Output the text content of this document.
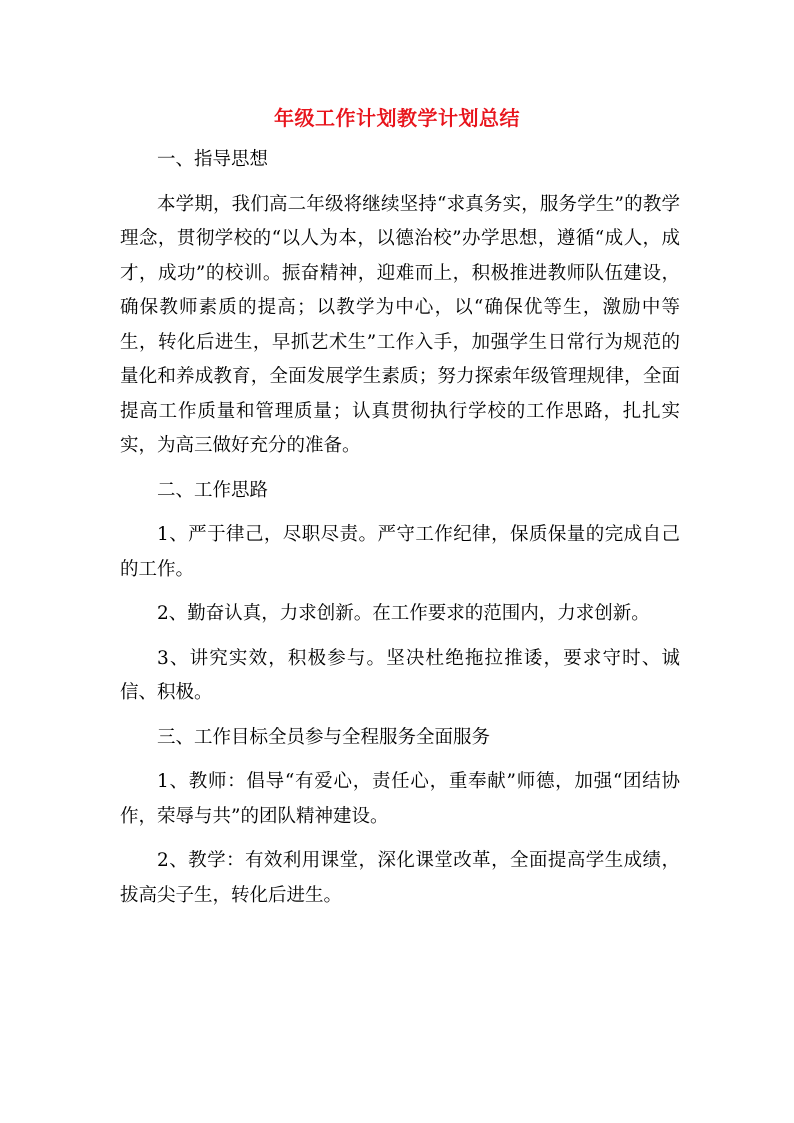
年级工作计划教学计划总结

一、指导思想

本学期，我们高二年级将继续坚持“求真务实，服务学生”的教学理念，贯彻学校的“以人为本，以德治校”办学思想，遵循“成人，成才，成功”的校训。振奋精神，迎难而上，积极推进教师队伍建设，确保教师素质的提高；以教学为中心，以“确保优等生，激励中等生，转化后进生，早抓艺术生”工作入手，加强学生日常行为规范的量化和养成教育，全面发展学生素质；努力探索年级管理规律，全面提高工作质量和管理质量；认真贯彻执行学校的工作思路，扎扎实实，为高三做好充分的准备。

二、工作思路

1、严于律己，尽职尽责。严守工作纪律，保质保量的完成自己的工作。

2、勤奋认真，力求创新。在工作要求的范围内，力求创新。

3、讲究实效，积极参与。坚决杜绝拖拉推诿，要求守时、诚信、积极。

三、工作目标全员参与全程服务全面服务

1、教师：倡导“有爱心，责任心，重奉献”师德，加强“团结协作，荣辱与共”的团队精神建设。

2、教学：有效利用课堂，深化课堂改革，全面提高学生成绩，拔高尖子生，转化后进生。
